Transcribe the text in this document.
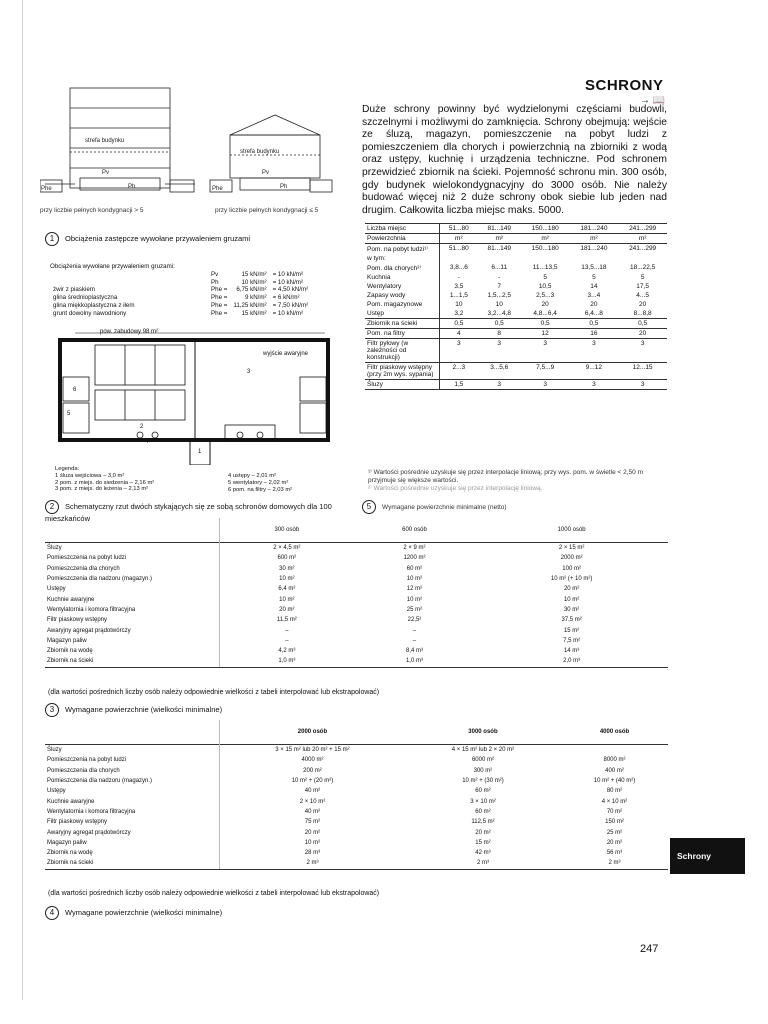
SCHRONY
→ 📖
Duże schrony powinny być wydzielonymi częściami budowli, szczelnymi i możliwymi do zamknięcia. Schrony obejmują: wejście ze śluzą, magazyn, pomieszczenie na pobyt ludzi z pomieszczeniem dla chorych i powierzchnią na zbiorniki z wodą oraz ustępy, kuchnię i urządzenia techniczne. Pod schronem przewidzieć zbiornik na ścieki. Pojemność schronu min. 300 osób, gdy budynek wielokondygnacyjny do 3000 osób. Nie należy budować więcej niż 2 duże schrony obok siebie lub jeden nad drugim. Całkowita liczba miejsc maks. 5000.
strefa budynku
strefa budynku
Pv	Pv
Phe	Phe
Ph	Ph
przy liczbie pełnych kondygnacji > 5	przy liczbie pełnych kondygnacji ≤ 5
1 Obciążenia zastępcze wywołane przywaleniem gruzami
Obciążenia wywołane przywaleniem gruzami:
	Pv	15 kN/m²	= 10 kN/m²
	Ph	10 kN/m²	= 10 kN/m²
żwir z piaskiem	Phe =	6,75 kN/m²	= 4,50 kN/m²
glina średnioplastyczna	Phe =	9 kN/m²	= 6 kN/m²
glina miękkoplastyczna z iłem	Phe =	11,25 kN/m²	= 7,50 kN/m²
grunt dowolny nawodniony	Phe =	15 kN/m²	= 10 kN/m²
pow. zabudowy 98 m²
wyjście awaryjne
1
2
3
4
5
6
Legenda:
1 śluza wejściowa – 3,0 m²
2 pom. z miejs. do siedzenia – 2,16 m²
3 pom. z miejs. do leżenia – 2,13 m²
4 ustępy – 2,01 m²
5 wentylatory – 2,02 m²
6 pom. na filtry – 2,03 m²
2 Schematyczny rzut dwóch stykających się ze sobą schronów domowych dla 100 mieszkańców
Liczba miejsc	51...80	81...149	150...180	181...240	241...299
Powierzchnia	m²	m²	m²	m²	m²
Pom. na pobyt ludzi¹⁾	51...80	81...149	150...180	181...240	241...299
w tym:					
Pom. dla chorych²⁾	3,8...6	6...11	11...13,5	13,5...18	18...22,5
Kuchnia	-	-	5	5	5
Wentylatory	3,5	7	10,5	14	17,5
Zapasy wody	1...1,5	1,5...2,5	2,5...3	3...4	4...5
Pom. magazynowe	10	10	20	20	20
Ustęp	3,2	3,2...4,8	4,8...6,4	6,4...8	8...8,8
Zbiornik na ścieki	0,5	0,5	0,5	0,5	0,5
Pom. na filtry	4	8	12	16	20
Filtr pyłowy (w zależności od konstrukcji)	3	3	3	3	3
Filtr piaskowy wstępny (przy 2m wys. sypania)	2...3	3...5,6	7,5...9	9...12	12...15
Śluzy	1,5	3	3	3	3
¹⁾ Wartości pośrednie uzyskuje się przez interpolacje liniową; przy wys. pom. w świetle < 2,50 m przyjmuje się większe wartości.
²⁾ Wartości pośrednie uzyskuje się przez interpolację liniową.
5 Wymagane powierzchnie minimalne (netto)
	300 osób	600 osób	1000 osób
Śluzy	2 × 4,5 m²	2 × 9 m²	2 × 15 m²
Pomieszczenia na pobyt ludzi	600 m²	1200 m²	2000 m²
Pomieszczenia dla chorych	30 m²	60 m²	100 m²
Pomieszczenia dla nadzoru (magazyn.)	10 m²	10 m²	10 m² (+ 10 m²)
Ustępy	6,4 m²	12 m²	20 m²
Kuchnie awaryjne	10 m²	10 m²	10 m²
Wentylatornia i komora filtracyjna	20 m²	25 m²	30 m²
Filtr piaskowy wstępny	11,5 m²	22,5²	37,5 m²
Awaryjny agregat prądotwórczy	–	–	15 m²
Magazyn paliw	–	–	7,5 m²
Zbiornik na wodę	4,2 m³	8,4 m³	14 m³
Zbiornik na ścieki	1,0 m³	1,0 m³	2,0 m³
(dla wartości pośrednich liczby osób należy odpowiednie wielkości z tabeli interpolować lub ekstrapolować)
3 Wymagane powierzchnie (wielkości minimalne)
	2000 osób	3000 osób	4000 osób
Śluzy	3 × 15 m² lub 20 m² + 15 m²	4 × 15 m² lub 2 × 20 m²	
Pomieszczenia na pobyt ludzi	4000 m²	6000 m²	8000 m²
Pomieszczenia dla chorych	200 m²	300 m²	400 m²
Pomieszczenia dla nadzoru (magazyn.)	10 m² + (20 m²)	10 m² + (30 m²)	10 m² + (40 m²)
Ustępy	40 m²	60 m²	80 m²
Kuchnie awaryjne	2 × 10 m²	3 × 10 m²	4 × 10 m²
Wentylatornia i komora filtracyjna	40 m²	60 m²	70 m²
Filtr piaskowy wstępny	75 m²	112,5 m²	150 m²
Awaryjny agregat prądotwórczy	20 m²	20 m²	25 m²
Magazyn paliw	10 m²	15 m²	20 m²
Zbiornik na wodę	28 m³	42 m³	56 m³
Zbiornik na ścieki	2 m³	2 m³	2 m³
(dla wartości pośrednich liczby osób należy odpowiednie wielkości z tabeli interpolować lub ekstrapolować)
4 Wymagane powierzchnie (wielkości minimalne)
Schrony
247
